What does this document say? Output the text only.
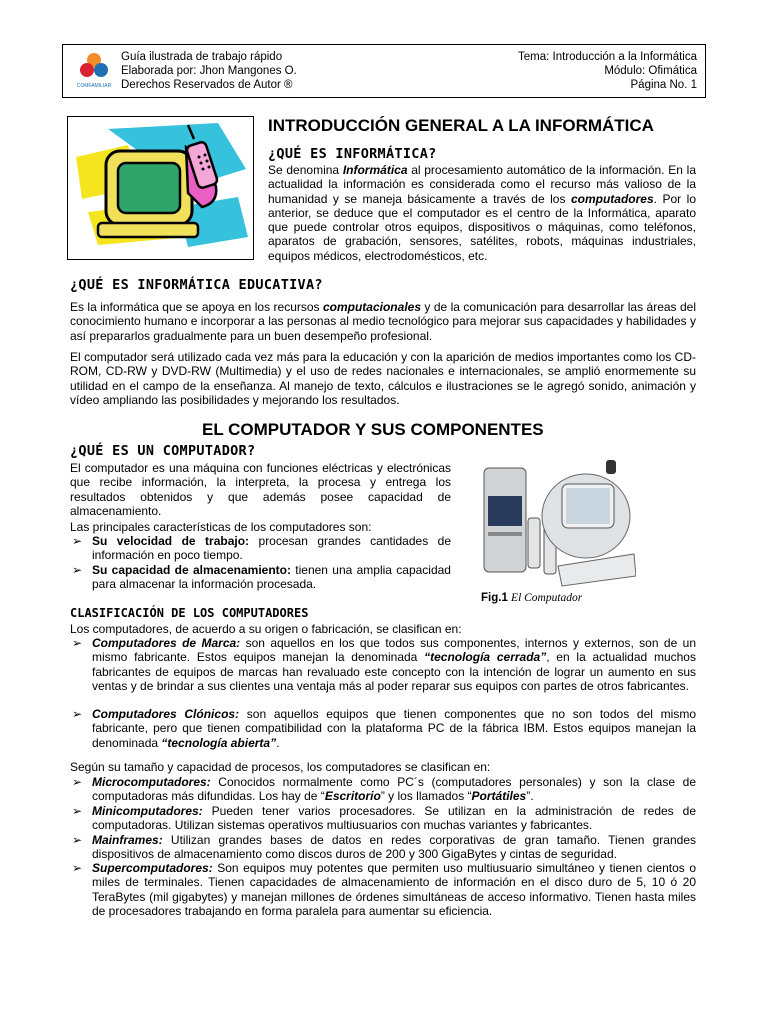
COMFAMILIAR
Guía ilustrada de trabajo rápido
Elaborada por: Jhon Mangones O.
Derechos Reservados de Autor ®
Tema: Introducción a la Informática
Módulo: Ofimática
Página No. 1
INTRODUCCIÓN GENERAL A LA INFORMÁTICA
¿QUÉ ES INFORMÁTICA?
Se denomina Informática al procesamiento automático de la información. En la actualidad la información es considerada como el recurso más valioso de la humanidad y se maneja básicamente a través de los computadores. Por lo anterior, se deduce que el computador es el centro de la Informática, aparato que puede controlar otros equipos, dispositivos o máquinas, como teléfonos, aparatos de grabación, sensores, satélites, robots, máquinas industriales, equipos médicos, electrodomésticos, etc.
¿QUÉ ES INFORMÁTICA EDUCATIVA?
Es la informática que se apoya en los recursos computacionales y de la comunicación para desarrollar las áreas del conocimiento humano e incorporar a las personas al medio tecnológico para mejorar sus capacidades y habilidades y así prepararlos gradualmente para un buen desempeño profesional.
El computador será utilizado cada vez más para la educación y con la aparición de medios importantes como los CD-ROM, CD-RW y DVD-RW (Multimedia) y el uso de redes nacionales e internacionales, se amplió enormemente su utilidad en el campo de la enseñanza. Al manejo de texto, cálculos e ilustraciones se le agregó sonido, animación y vídeo ampliando las posibilidades y mejorando los resultados.
EL COMPUTADOR Y SUS COMPONENTES
¿QUÉ ES UN COMPUTADOR?
El computador es una máquina con funciones eléctricas y electrónicas que recibe información, la interpreta, la procesa y entrega los resultados obtenidos y que además posee capacidad de almacenamiento.
Las principales características de los computadores son:
➢ Su velocidad de trabajo: procesan grandes cantidades de información en poco tiempo.
➢ Su capacidad de almacenamiento: tienen una amplia capacidad para almacenar la información procesada.
Fig.1 El Computador
CLASIFICACIÓN DE LOS COMPUTADORES
Los computadores, de acuerdo a su origen o fabricación, se clasifican en:
➢ Computadores de Marca: son aquellos en los que todos sus componentes, internos y externos, son de un mismo fabricante. Estos equipos manejan la denominada “tecnología cerrada”, en la actualidad muchos fabricantes de equipos de marcas han revaluado este concepto con la intención de lograr un aumento en sus ventas y de brindar a sus clientes una ventaja más al poder reparar sus equipos con partes de otros fabricantes.
➢ Computadores Clónicos: son aquellos equipos que tienen componentes que no son todos del mismo fabricante, pero que tienen compatibilidad con la plataforma PC de la fábrica IBM. Estos equipos manejan la denominada “tecnología abierta”.
Según su tamaño y capacidad de procesos, los computadores se clasifican en:
➢ Microcomputadores: Conocidos normalmente como PC´s (computadores personales) y son la clase de computadoras más difundidas. Los hay de “Escritorio” y los llamados “Portátiles”.
➢ Minicomputadores: Pueden tener varios procesadores. Se utilizan en la administración de redes de computadoras. Utilizan sistemas operativos multiusuarios con muchas variantes y fabricantes.
➢ Mainframes: Utilizan grandes bases de datos en redes corporativas de gran tamaño. Tienen grandes dispositivos de almacenamiento como discos duros de 200 y 300 GigaBytes y cintas de seguridad.
➢ Supercomputadores: Son equipos muy potentes que permiten uso multiusuario simultáneo y tienen cientos o miles de terminales. Tienen capacidades de almacenamiento de información en el disco duro de 5, 10 ó 20 TeraBytes (mil gigabytes) y manejan millones de órdenes simultáneas de acceso informativo. Tienen hasta miles de procesadores trabajando en forma paralela para aumentar su eficiencia.
